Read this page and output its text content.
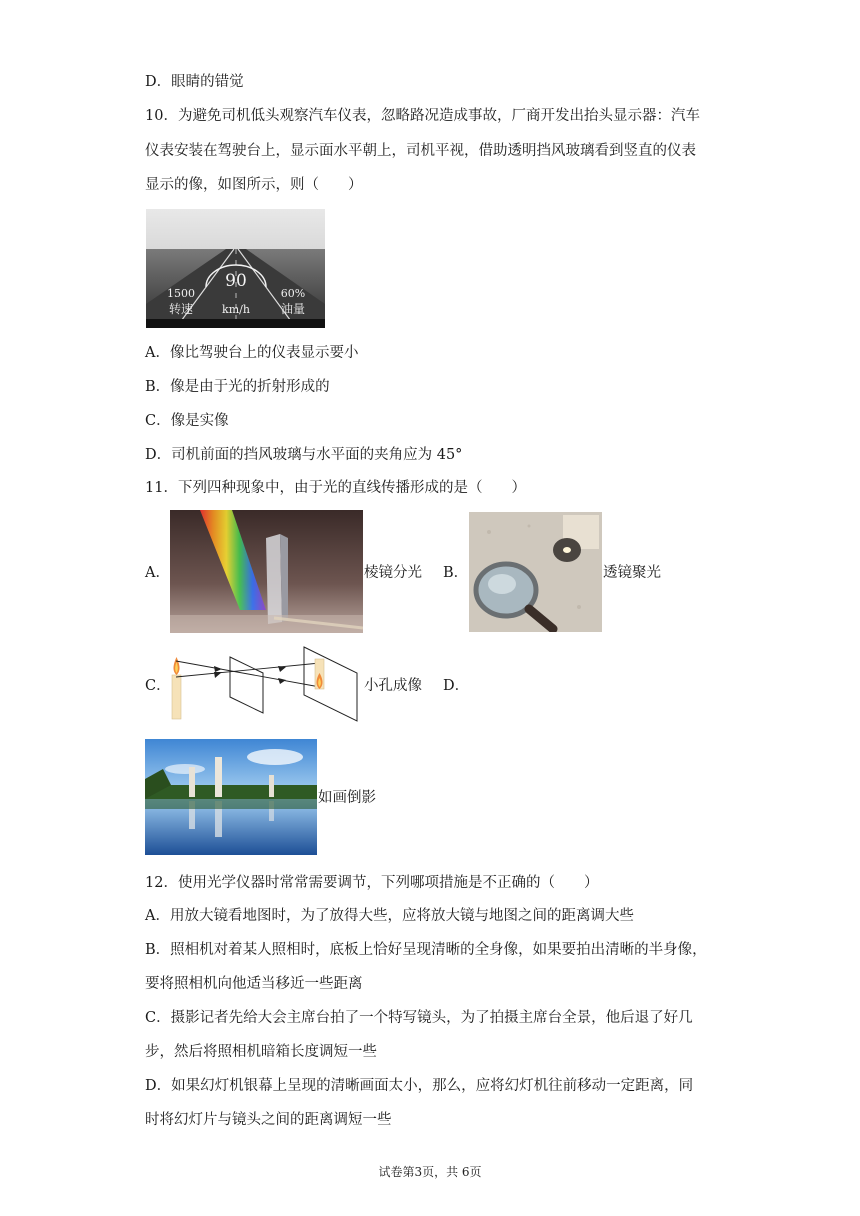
D．眼睛的错觉
10．为避免司机低头观察汽车仪表，忽略路况造成事故，厂商开发出抬头显示器：汽车
仪表安装在驾驶台上，显示面水平朝上，司机平视，借助透明挡风玻璃看到竖直的仪表
显示的像，如图所示，则（　　）
90
1500	60%
转速	km/h	油量
A．像比驾驶台上的仪表显示要小
B．像是由于光的折射形成的
C．像是实像
D．司机前面的挡风玻璃与水平面的夹角应为 45°
11．下列四种现象中，由于光的直线传播形成的是（　　）
A．	棱镜分光 B．	透镜聚光
C．	小孔成像 D．
如画倒影
12．使用光学仪器时常常需要调节，下列哪项措施是不正确的（　　）
A．用放大镜看地图时，为了放得大些，应将放大镜与地图之间的距离调大些
B．照相机对着某人照相时，底板上恰好呈现清晰的全身像，如果要拍出清晰的半身像，
要将照相机向他适当移近一些距离
C．摄影记者先给大会主席台拍了一个特写镜头，为了拍摄主席台全景，他后退了好几
步，然后将照相机暗箱长度调短一些
D．如果幻灯机银幕上呈现的清晰画面太小，那么，应将幻灯机往前移动一定距离，同
时将幻灯片与镜头之间的距离调短一些
试卷第3页，共 6页
